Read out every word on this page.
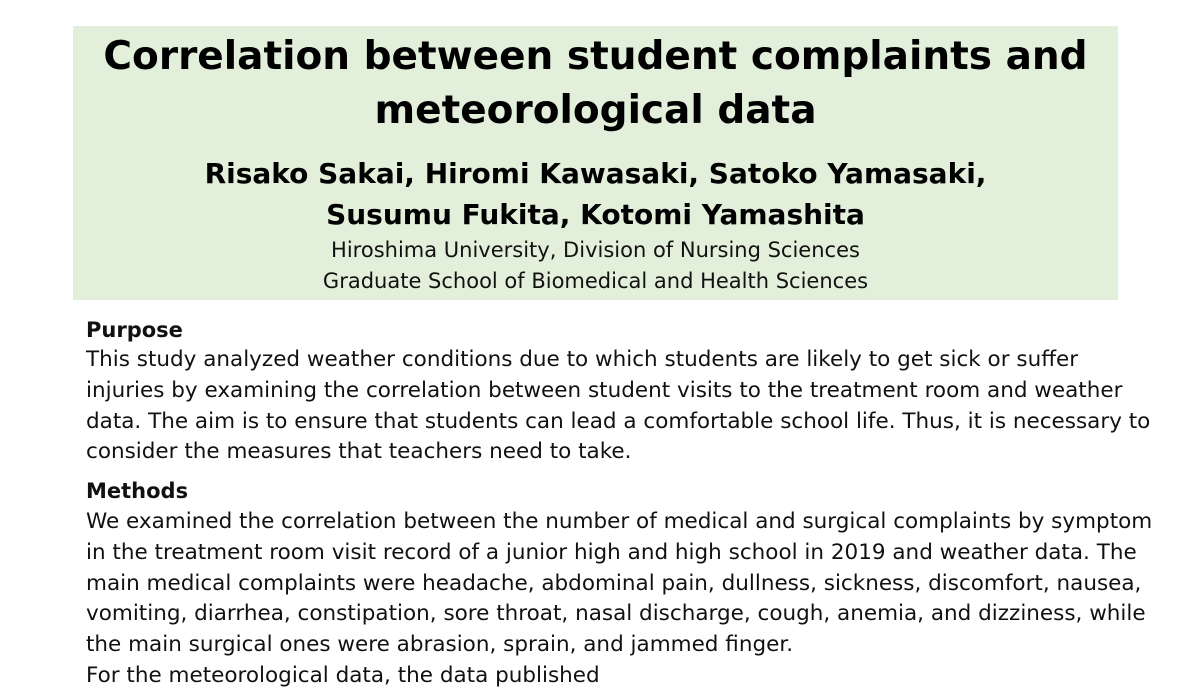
Correlation between student complaints and
meteorological data

Risako Sakai, Hiromi Kawasaki, Satoko Yamasaki,
Susumu Fukita, Kotomi Yamashita

Hiroshima University, Division of Nursing Sciences
Graduate School of Biomedical and Health Sciences

Purpose

This study analyzed weather conditions due to which students are likely to get sick or suffer
injuries by examining the correlation between student visits to the treatment room and weather
data. The aim is to ensure that students can lead a comfortable school life. Thus, it is necessary to
consider the measures that teachers need to take.

Methods

We examined the correlation between the number of medical and surgical complaints by symptom
in the treatment room visit record of a junior high and high school in 2019 and weather data. The
main medical complaints were headache, abdominal pain, dullness, sickness, discomfort, nausea,
vomiting, diarrhea, constipation, sore throat, nasal discharge, cough, anemia, and dizziness, while
the main surgical ones were abrasion, sprain, and jammed finger.
For the meteorological data, the data published
